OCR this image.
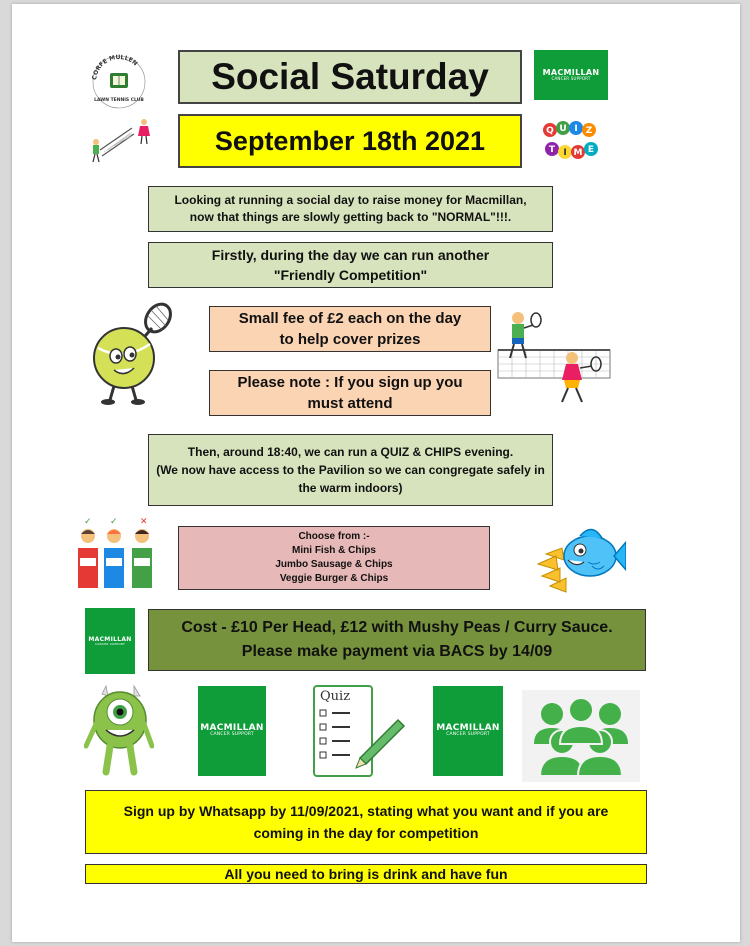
CORFE MULLEN
LAWN TENNIS CLUB
Social Saturday	MACMILLAN
CANCER SUPPORT
September 18th 2021	Q U I Z
T I M E
Looking at running a social day to raise money for Macmillan,
now that things are slowly getting back to "NORMAL"!!!.
Firstly, during the day we can run another
"Friendly Competition"
Small fee of £2 each on the day
to help cover prizes
Please note : If you sign up you
must attend
Then, around 18:40, we can run a QUIZ & CHIPS evening.
(We now have access to the Pavilion so we can congregate safely in
the warm indoors)
✓ ✓ ✕
Choose from :-
Mini Fish & Chips
Jumbo Sausage & Chips
Veggie Burger & Chips
MACMILLAN
CANCER SUPPORT
Cost - £10 Per Head, £12 with Mushy Peas / Curry Sauce.
Please make payment via BACS by 14/09
MACMILLAN
CANCER SUPPORT
Quiz
MACMILLAN
CANCER SUPPORT
Sign up by Whatsapp by 11/09/2021, stating what you want and if you are
coming in the day for competition
All you need to bring is drink and have fun
